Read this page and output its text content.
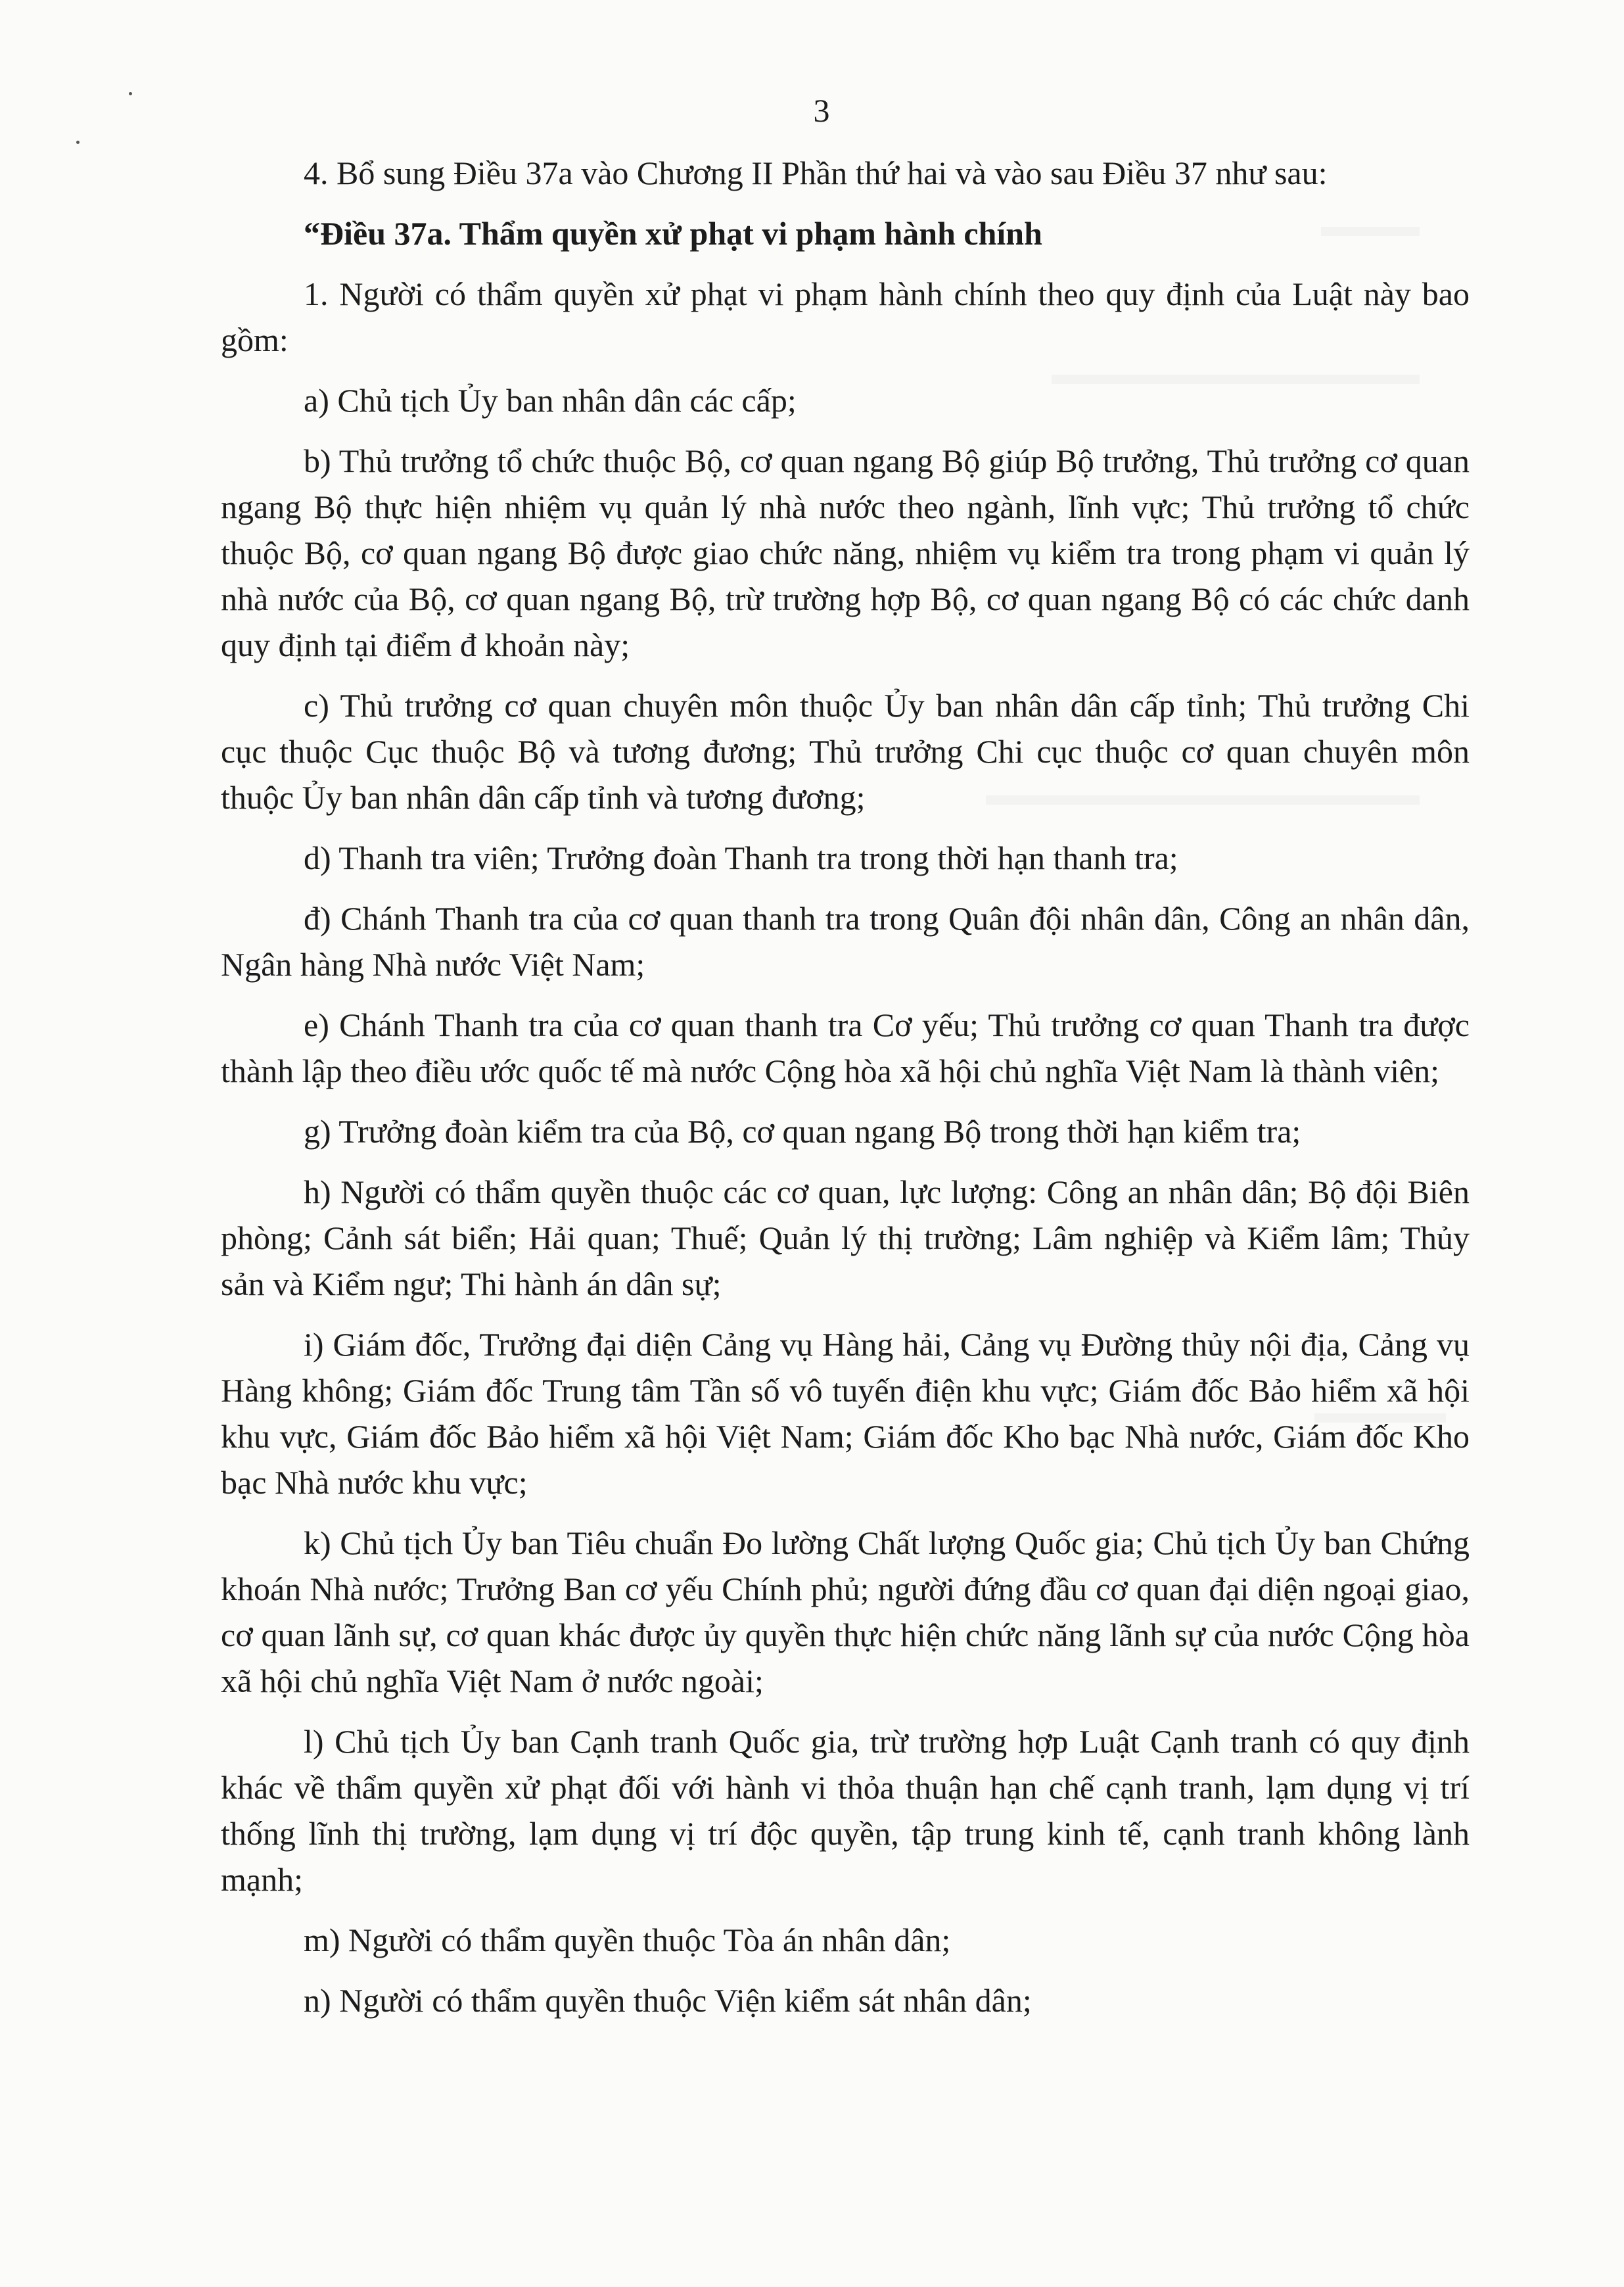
3

4. Bổ sung Điều 37a vào Chương II Phần thứ hai và vào sau Điều 37 như sau:

“Điều 37a. Thẩm quyền xử phạt vi phạm hành chính

1. Người có thẩm quyền xử phạt vi phạm hành chính theo quy định của Luật này bao gồm:

a) Chủ tịch Ủy ban nhân dân các cấp;

b) Thủ trưởng tổ chức thuộc Bộ, cơ quan ngang Bộ giúp Bộ trưởng, Thủ trưởng cơ quan ngang Bộ thực hiện nhiệm vụ quản lý nhà nước theo ngành, lĩnh vực; Thủ trưởng tổ chức thuộc Bộ, cơ quan ngang Bộ được giao chức năng, nhiệm vụ kiểm tra trong phạm vi quản lý nhà nước của Bộ, cơ quan ngang Bộ, trừ trường hợp Bộ, cơ quan ngang Bộ có các chức danh quy định tại điểm đ khoản này;

c) Thủ trưởng cơ quan chuyên môn thuộc Ủy ban nhân dân cấp tỉnh; Thủ trưởng Chi cục thuộc Cục thuộc Bộ và tương đương; Thủ trưởng Chi cục thuộc cơ quan chuyên môn thuộc Ủy ban nhân dân cấp tỉnh và tương đương;

d) Thanh tra viên; Trưởng đoàn Thanh tra trong thời hạn thanh tra;

đ) Chánh Thanh tra của cơ quan thanh tra trong Quân đội nhân dân, Công an nhân dân, Ngân hàng Nhà nước Việt Nam;

e) Chánh Thanh tra của cơ quan thanh tra Cơ yếu; Thủ trưởng cơ quan Thanh tra được thành lập theo điều ước quốc tế mà nước Cộng hòa xã hội chủ nghĩa Việt Nam là thành viên;

g) Trưởng đoàn kiểm tra của Bộ, cơ quan ngang Bộ trong thời hạn kiểm tra;

h) Người có thẩm quyền thuộc các cơ quan, lực lượng: Công an nhân dân; Bộ đội Biên phòng; Cảnh sát biển; Hải quan; Thuế; Quản lý thị trường; Lâm nghiệp và Kiểm lâm; Thủy sản và Kiểm ngư; Thi hành án dân sự;

i) Giám đốc, Trưởng đại diện Cảng vụ Hàng hải, Cảng vụ Đường thủy nội địa, Cảng vụ Hàng không; Giám đốc Trung tâm Tần số vô tuyến điện khu vực; Giám đốc Bảo hiểm xã hội khu vực, Giám đốc Bảo hiểm xã hội Việt Nam; Giám đốc Kho bạc Nhà nước, Giám đốc Kho bạc Nhà nước khu vực;

k) Chủ tịch Ủy ban Tiêu chuẩn Đo lường Chất lượng Quốc gia; Chủ tịch Ủy ban Chứng khoán Nhà nước; Trưởng Ban cơ yếu Chính phủ; người đứng đầu cơ quan đại diện ngoại giao, cơ quan lãnh sự, cơ quan khác được ủy quyền thực hiện chức năng lãnh sự của nước Cộng hòa xã hội chủ nghĩa Việt Nam ở nước ngoài;

l) Chủ tịch Ủy ban Cạnh tranh Quốc gia, trừ trường hợp Luật Cạnh tranh có quy định khác về thẩm quyền xử phạt đối với hành vi thỏa thuận hạn chế cạnh tranh, lạm dụng vị trí thống lĩnh thị trường, lạm dụng vị trí độc quyền, tập trung kinh tế, cạnh tranh không lành mạnh;

m) Người có thẩm quyền thuộc Tòa án nhân dân;

n) Người có thẩm quyền thuộc Viện kiểm sát nhân dân;
